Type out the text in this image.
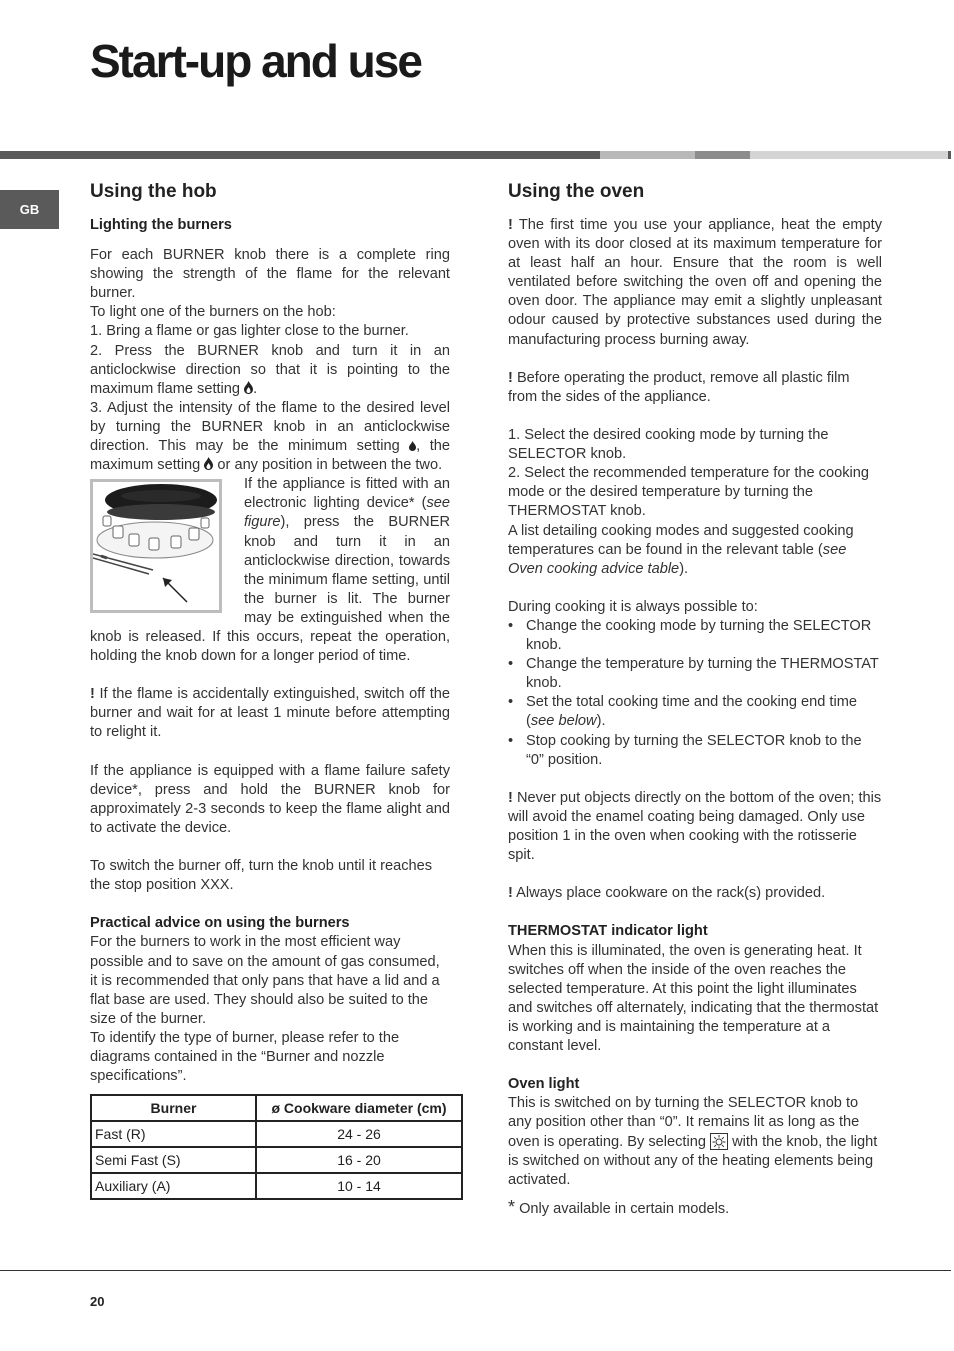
Start-up and use
GB
Using the hob
Lighting the burners

For each BURNER knob there is a complete ring showing the strength of the flame for the relevant burner.

To light one of the burners on the hob:

1. Bring a flame or gas lighter close to the burner.

2. Press the BURNER knob and turn it in an anticlockwise direction so that it is pointing to the maximum flame setting .

3. Adjust the intensity of the flame to the desired level by turning the BURNER knob in an anticlockwise direction. This may be the minimum setting , the maximum setting or any position in between the two.

If the appliance is fitted with an electronic lighting device* (see figure), press the BURNER knob and turn it in an anticlockwise direction, towards the minimum flame setting, until the burner is lit. The burner may be extinguished when the knob is released. If this occurs, repeat the operation, holding the knob down for a longer period of time.

! If the flame is accidentally extinguished, switch off the burner and wait for at least 1 minute before attempting to relight it.

If the appliance is equipped with a flame failure safety device*, press and hold the BURNER knob for approximately 2-3 seconds to keep the flame alight and to activate the device.

To switch the burner off, turn the knob until it reaches the stop position XXX.

Practical advice on using the burners

For the burners to work in the most efficient way possible and to save on the amount of gas consumed, it is recommended that only pans that have a lid and a flat base are used. They should also be suited to the size of the burner.

To identify the type of burner, please refer to the diagrams contained in the “Burner and nozzle specifications”.

Burner	ø Cookware diameter (cm)
Fast (R)	24 - 26
Semi Fast (S)	16 - 20
Auxiliary (A)	10 - 14
Using the oven

! The first time you use your appliance, heat the empty oven with its door closed at its maximum temperature for at least half an hour. Ensure that the room is well ventilated before switching the oven off and opening the oven door. The appliance may emit a slightly unpleasant odour caused by protective substances used during the manufacturing process burning away.

! Before operating the product, remove all plastic film from the sides of the appliance.

1. Select the desired cooking mode by turning the SELECTOR knob.

2. Select the recommended temperature for the cooking mode or the desired temperature by turning the THERMOSTAT knob.

A list detailing cooking modes and suggested cooking temperatures can be found in the relevant table (see Oven cooking advice table).

During cooking it is always possible to:

• Change the cooking mode by turning the SELECTOR knob.
• Change the temperature by turning the THERMOSTAT knob.
• Set the total cooking time and the cooking end time (see below).
• Stop cooking by turning the SELECTOR knob to the “0” position.

! Never put objects directly on the bottom of the oven; this will avoid the enamel coating being damaged. Only use position 1 in the oven when cooking with the rotisserie spit.

! Always place cookware on the rack(s) provided.

THERMOSTAT indicator light

When this is illuminated, the oven is generating heat. It switches off when the inside of the oven reaches the selected temperature. At this point the light illuminates and switches off alternately, indicating that the thermostat is working and is maintaining the temperature at a constant level.

Oven light

This is switched on by turning the SELECTOR knob to any position other than “0”. It remains lit as long as the oven is operating. By selecting with the knob, the light is switched on without any of the heating elements being activated.

* Only available in certain models.

20
